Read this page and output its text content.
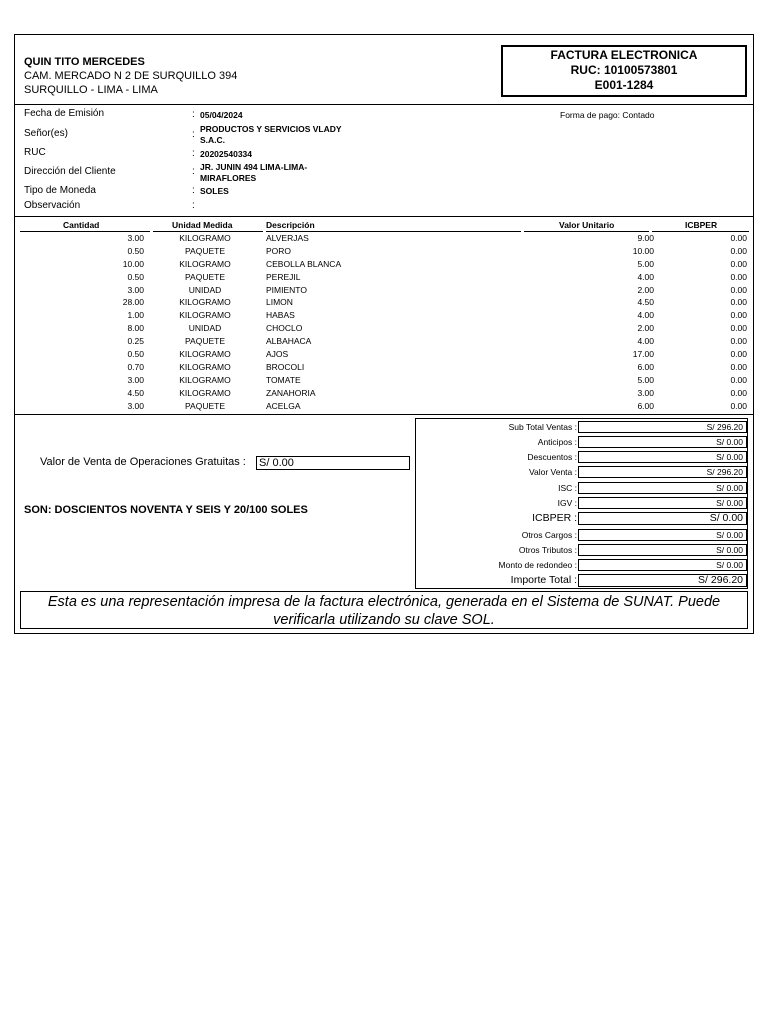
QUIN TITO MERCEDES
CAM. MERCADO N 2 DE SURQUILLO 394
SURQUILLO - LIMA - LIMA
FACTURA ELECTRONICA
RUC: 10100573801
E001-1284
Fecha de Emisión	: 05/04/2024	Forma de pago: Contado
Señor(es)	: PRODUCTOS Y SERVICIOS VLADY
S.A.C.
RUC	: 20202540334
Dirección del Cliente	: JR. JUNIN 494 LIMA-LIMA-
MIRAFLORES
Tipo de Moneda	: SOLES
Observación	:
Cantidad	Unidad Medida	Descripción	Valor Unitario	ICBPER
3.00	KILOGRAMO	ALVERJAS	9.00	0.00
0.50	PAQUETE	PORO	10.00	0.00
10.00	KILOGRAMO	CEBOLLA BLANCA	5.00	0.00
0.50	PAQUETE	PEREJIL	4.00	0.00
3.00	UNIDAD	PIMIENTO	2.00	0.00
28.00	KILOGRAMO	LIMON	4.50	0.00
1.00	KILOGRAMO	HABAS	4.00	0.00
8.00	UNIDAD	CHOCLO	2.00	0.00
0.25	PAQUETE	ALBAHACA	4.00	0.00
0.50	KILOGRAMO	AJOS	17.00	0.00
0.70	KILOGRAMO	BROCOLI	6.00	0.00
3.00	KILOGRAMO	TOMATE	5.00	0.00
4.50	KILOGRAMO	ZANAHORIA	3.00	0.00
3.00	PAQUETE	ACELGA	6.00	0.00
Valor de Venta de Operaciones Gratuitas : S/ 0.00
SON: DOSCIENTOS NOVENTA Y SEIS Y 20/100 SOLES
Sub Total Ventas :	S/ 296.20
Anticipos :	S/ 0.00
Descuentos :	S/ 0.00
Valor Venta :	S/ 296.20
ISC :	S/ 0.00
IGV :	S/ 0.00
ICBPER :	S/ 0.00
Otros Cargos :	S/ 0.00
Otros Tributos :	S/ 0.00
Monto de redondeo :	S/ 0.00
Importe Total :	S/ 296.20
Esta es una representación impresa de la factura electrónica, generada en el Sistema de SUNAT. Puede verificarla utilizando su clave SOL.
